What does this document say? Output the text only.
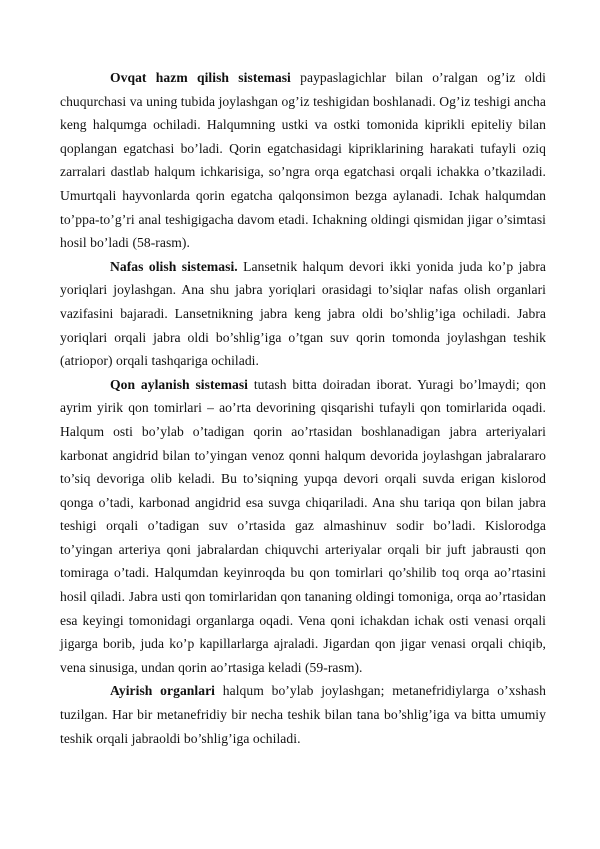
Ovqat hazm qilish sistemasi paypaslagichlar bilan o’ralgan og’iz oldi chuqurchasi va uning tubida joylashgan og’iz teshigidan boshlanadi. Og’iz teshigi ancha keng halqumga ochiladi. Halqumning ustki va ostki tomonida kiprikli epiteliy bilan qoplangan egatchasi bo’ladi. Qorin egatchasidagi kipriklarining harakati tufayli oziq zarralari dastlab halqum ichkarisiga, so’ngra orqa egatchasi orqali ichakka o’tkaziladi. Umurtqali hayvonlarda qorin egatcha qalqonsimon bezga aylanadi. Ichak halqumdan to’ppa-to’g’ri anal teshigigacha davom etadi. Ichakning oldingi qismidan jigar o’simtasi hosil bo’ladi (58-rasm).

Nafas olish sistemasi. Lansetnik halqum devori ikki yonida juda ko’p jabra yoriqlari joylashgan. Ana shu jabra yoriqlari orasidagi to’siqlar nafas olish organlari vazifasini bajaradi. Lansetnikning jabra keng jabra oldi bo’shlig’iga ochiladi. Jabra yoriqlari orqali jabra oldi bo’shlig’iga o’tgan suv qorin tomonda joylashgan teshik (atriopor) orqali tashqariga ochiladi.

Qon aylanish sistemasi tutash bitta doiradan iborat. Yuragi bo’lmaydi; qon ayrim yirik qon tomirlari – ao’rta devorining qisqarishi tufayli qon tomirlarida oqadi. Halqum osti bo’ylab o’tadigan qorin ao’rtasidan boshlanadigan jabra arteriyalari karbonat angidrid bilan to’yingan venoz qonni halqum devorida joylashgan jabralararo to’siq devoriga olib keladi. Bu to’siqning yupqa devori orqali suvda erigan kislorod qonga o’tadi, karbonad angidrid esa suvga chiqariladi. Ana shu tariqa qon bilan jabra teshigi orqali o’tadigan suv o’rtasida gaz almashinuv sodir bo’ladi. Kislorodga to’yingan arteriya qoni jabralardan chiquvchi arteriyalar orqali bir juft jabrausti qon tomiraga o’tadi. Halqumdan keyinroqda bu qon tomirlari qo’shilib toq orqa ao’rtasini hosil qiladi. Jabra usti qon tomirlaridan qon tananing oldingi tomoniga, orqa ao’rtasidan esa keyingi tomonidagi organlarga oqadi. Vena qoni ichakdan ichak osti venasi orqali jigarga borib, juda ko’p kapillarlarga ajraladi. Jigardan qon jigar venasi orqali chiqib, vena sinusiga, undan qorin ao’rtasiga keladi (59-rasm).

Ayirish organlari halqum bo’ylab joylashgan; metanefridiylarga o’xshash tuzilgan. Har bir metanefridiy bir necha teshik bilan tana bo’shlig’iga va bitta umumiy teshik orqali jabraoldi bo’shlig’iga ochiladi.
